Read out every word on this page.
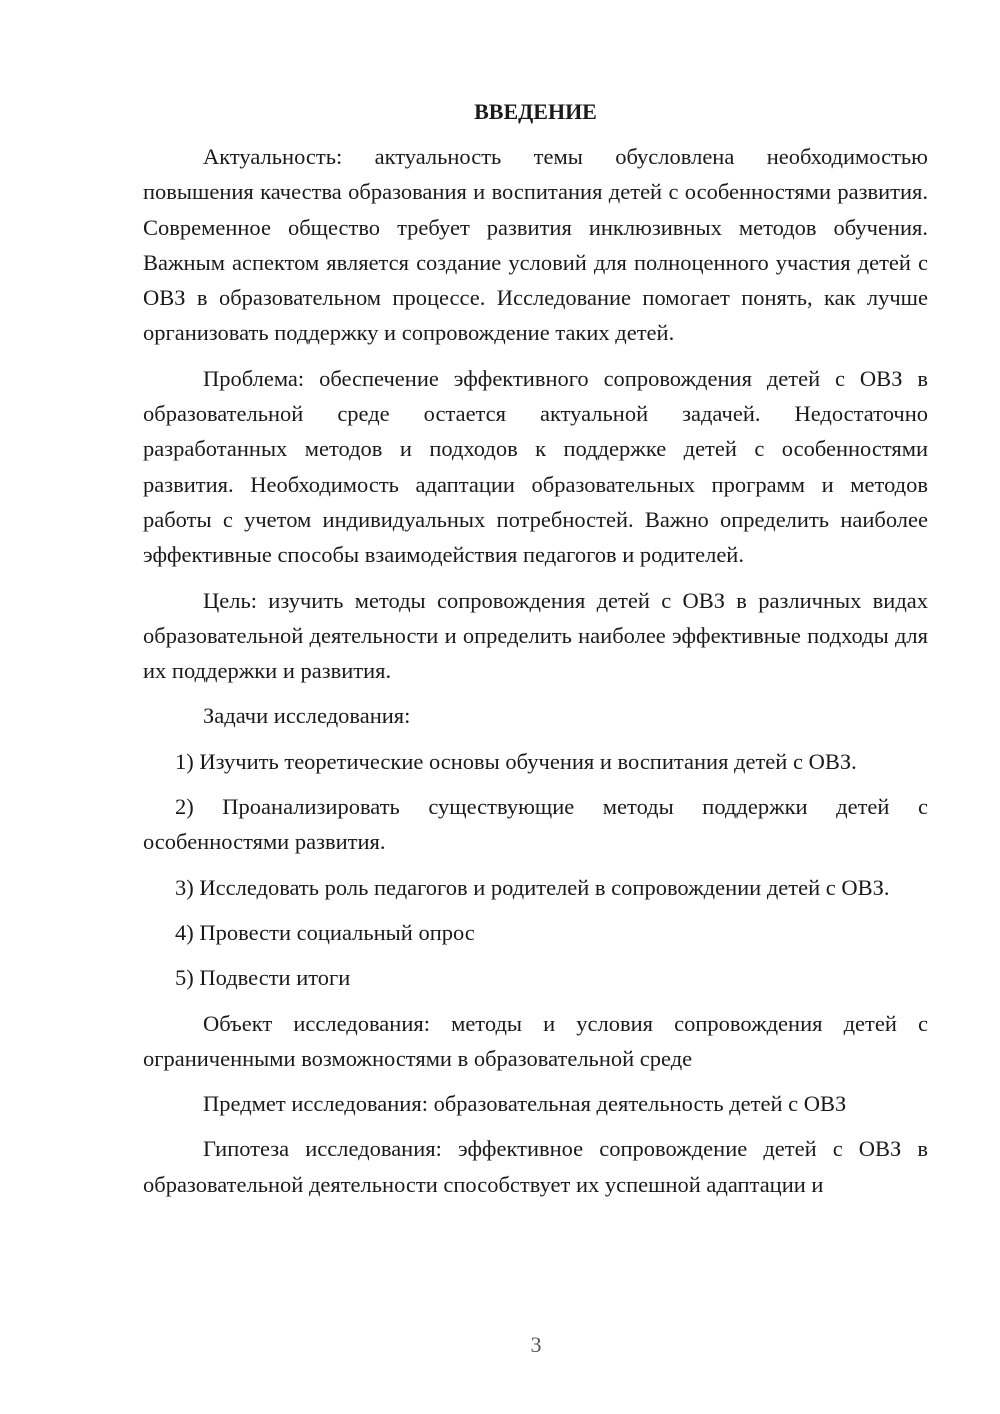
ВВЕДЕНИЕ

Актуальность: актуальность темы обусловлена необходимостью повышения качества образования и воспитания детей с особенностями развития. Современное общество требует развития инклюзивных методов обучения. Важным аспектом является создание условий для полноценного участия детей с ОВЗ в образовательном процессе. Исследование помогает понять, как лучше организовать поддержку и сопровождение таких детей.

Проблема: обеспечение эффективного сопровождения детей с ОВЗ в образовательной среде остается актуальной задачей. Недостаточно разработанных методов и подходов к поддержке детей с особенностями развития. Необходимость адаптации образовательных программ и методов работы с учетом индивидуальных потребностей. Важно определить наиболее эффективные способы взаимодействия педагогов и родителей.

Цель: изучить методы сопровождения детей с ОВЗ в различных видах образовательной деятельности и определить наиболее эффективные подходы для их поддержки и развития.

Задачи исследования:

1) Изучить теоретические основы обучения и воспитания детей с ОВЗ.

2) Проанализировать существующие методы поддержки детей с особенностями развития.

3) Исследовать роль педагогов и родителей в сопровождении детей с ОВЗ.

4) Провести социальный опрос

5) Подвести итоги

Объект исследования: методы и условия сопровождения детей с ограниченными возможностями в образовательной среде

Предмет исследования: образовательная деятельность детей с ОВЗ

Гипотеза исследования: эффективное сопровождение детей с ОВЗ в образовательной деятельности способствует их успешной адаптации и

3
